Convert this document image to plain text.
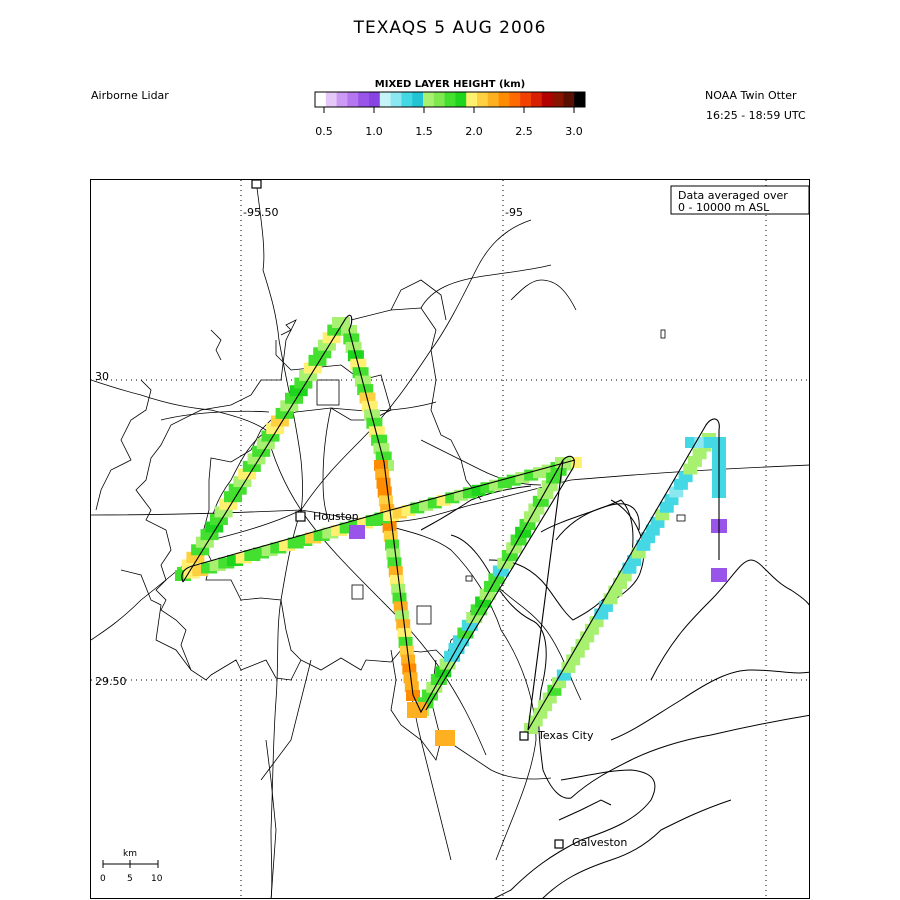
TEXAQS 5 AUG 2006
Airborne Lidar	NOAA Twin Otter
16:25 - 18:59 UTC
MIXED LAYER HEIGHT (km)
0.5	1.0	1.5	2.0	2.5	3.0
-95.50	-95
30
29.50
Houston
Texas City
Galveston
Data averaged over
0 - 10000 m ASL
km
0 5 10
